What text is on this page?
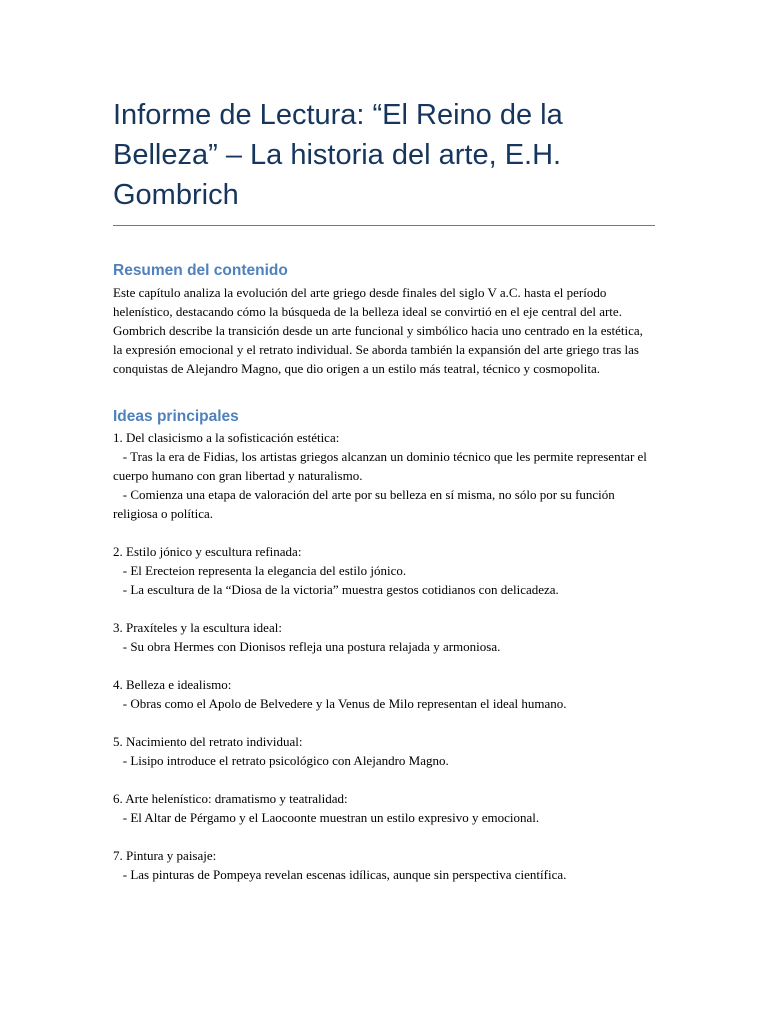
Informe de Lectura: “El Reino de la Belleza” – La historia del arte, E.H. Gombrich
Resumen del contenido

Este capítulo analiza la evolución del arte griego desde finales del siglo V a.C. hasta el período helenístico, destacando cómo la búsqueda de la belleza ideal se convirtió en el eje central del arte. Gombrich describe la transición desde un arte funcional y simbólico hacia uno centrado en la estética, la expresión emocional y el retrato individual. Se aborda también la expansión del arte griego tras las conquistas de Alejandro Magno, que dio origen a un estilo más teatral, técnico y cosmopolita.

Ideas principales
1. Del clasicismo a la sofisticación estética:
- Tras la era de Fidias, los artistas griegos alcanzan un dominio técnico que les permite representar el cuerpo humano con gran libertad y naturalismo.
- Comienza una etapa de valoración del arte por su belleza en sí misma, no sólo por su función religiosa o política.
2. Estilo jónico y escultura refinada:
- El Erecteion representa la elegancia del estilo jónico.
- La escultura de la “Diosa de la victoria” muestra gestos cotidianos con delicadeza.
3. Praxíteles y la escultura ideal:
- Su obra Hermes con Dionisos refleja una postura relajada y armoniosa.
4. Belleza e idealismo:
- Obras como el Apolo de Belvedere y la Venus de Milo representan el ideal humano.
5. Nacimiento del retrato individual:
- Lisipo introduce el retrato psicológico con Alejandro Magno.
6. Arte helenístico: dramatismo y teatralidad:
- El Altar de Pérgamo y el Laocoonte muestran un estilo expresivo y emocional.
7. Pintura y paisaje:
- Las pinturas de Pompeya revelan escenas idílicas, aunque sin perspectiva científica.
